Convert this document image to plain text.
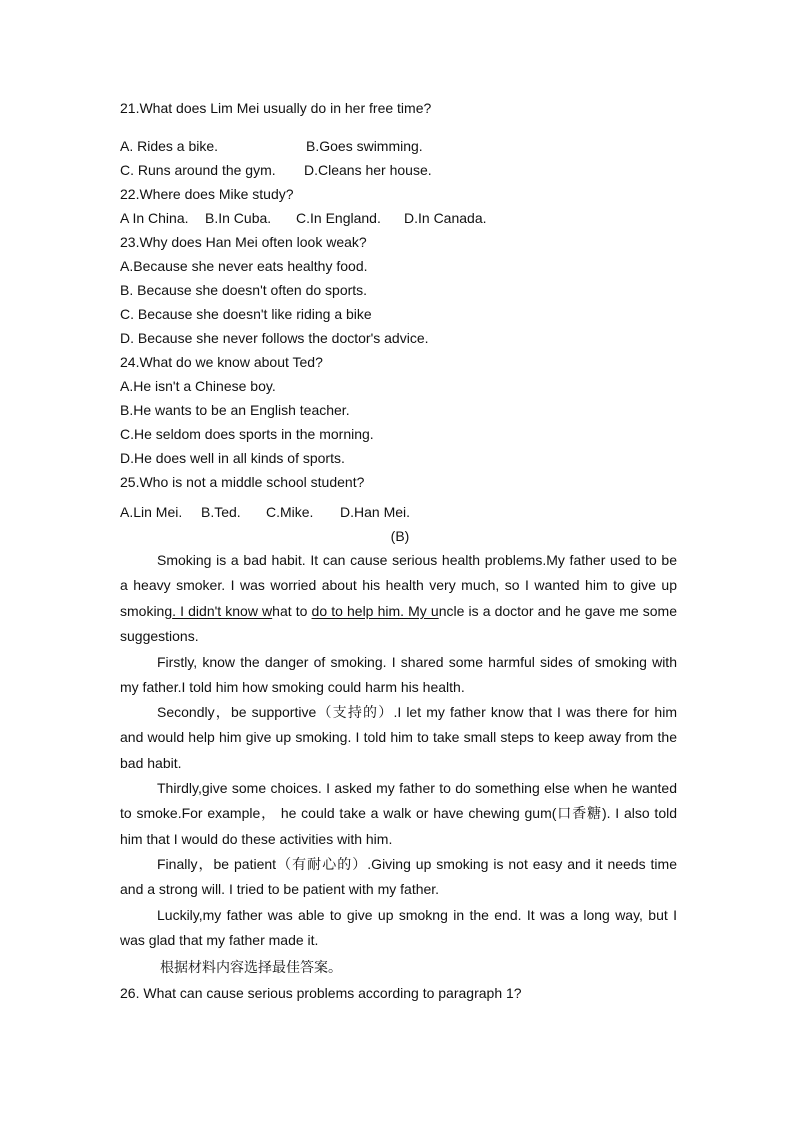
21.What does Lim Mei usually do in her free time?
A. Rides a bike.	B.Goes swimming.
C. Runs around the gym. D.Cleans her house.
22.Where does Mike study?
A In China. B.In Cuba. C.In England. D.In Canada.
23.Why does Han Mei often look weak?
A.Because she never eats healthy food.
B. Because she doesn't often do sports.
C. Because she doesn't like riding a bike
D. Because she never follows the doctor's advice.
24.What do we know about Ted?
A.He isn't a Chinese boy.
B.He wants to be an English teacher.
C.He seldom does sports in the morning.
D.He does well in all kinds of sports.
25.Who is not a middle school student?
A.Lin Mei. B.Ted. C.Mike. D.Han Mei.
(B)
Smoking is a bad habit. It can cause serious health problems.My father used to be a heavy smoker. I was worried about his health very much, so I wanted him to give up smoking. I didn't know what to do to help him. My uncle is a doctor and he gave me some suggestions.
Firstly, know the danger of smoking. I shared some harmful sides of smoking with my father.I told him how smoking could harm his health.
Secondly，be supportive（支持的）.I let my father know that I was there for him and would help him give up smoking. I told him to take small steps to keep away from the bad habit.
Thirdly,give some choices. I asked my father to do something else when he wanted to smoke.For example， he could take a walk or have chewing gum(口香糖). I also told him that I would do these activities with him.
Finally，be patient（有耐心的）.Giving up smoking is not easy and it needs time and a strong will. I tried to be patient with my father.
Luckily,my father was able to give up smokng in the end. It was a long way, but I was glad that my father made it.
根据材料内容选择最佳答案。
26. What can cause serious problems according to paragraph 1?
